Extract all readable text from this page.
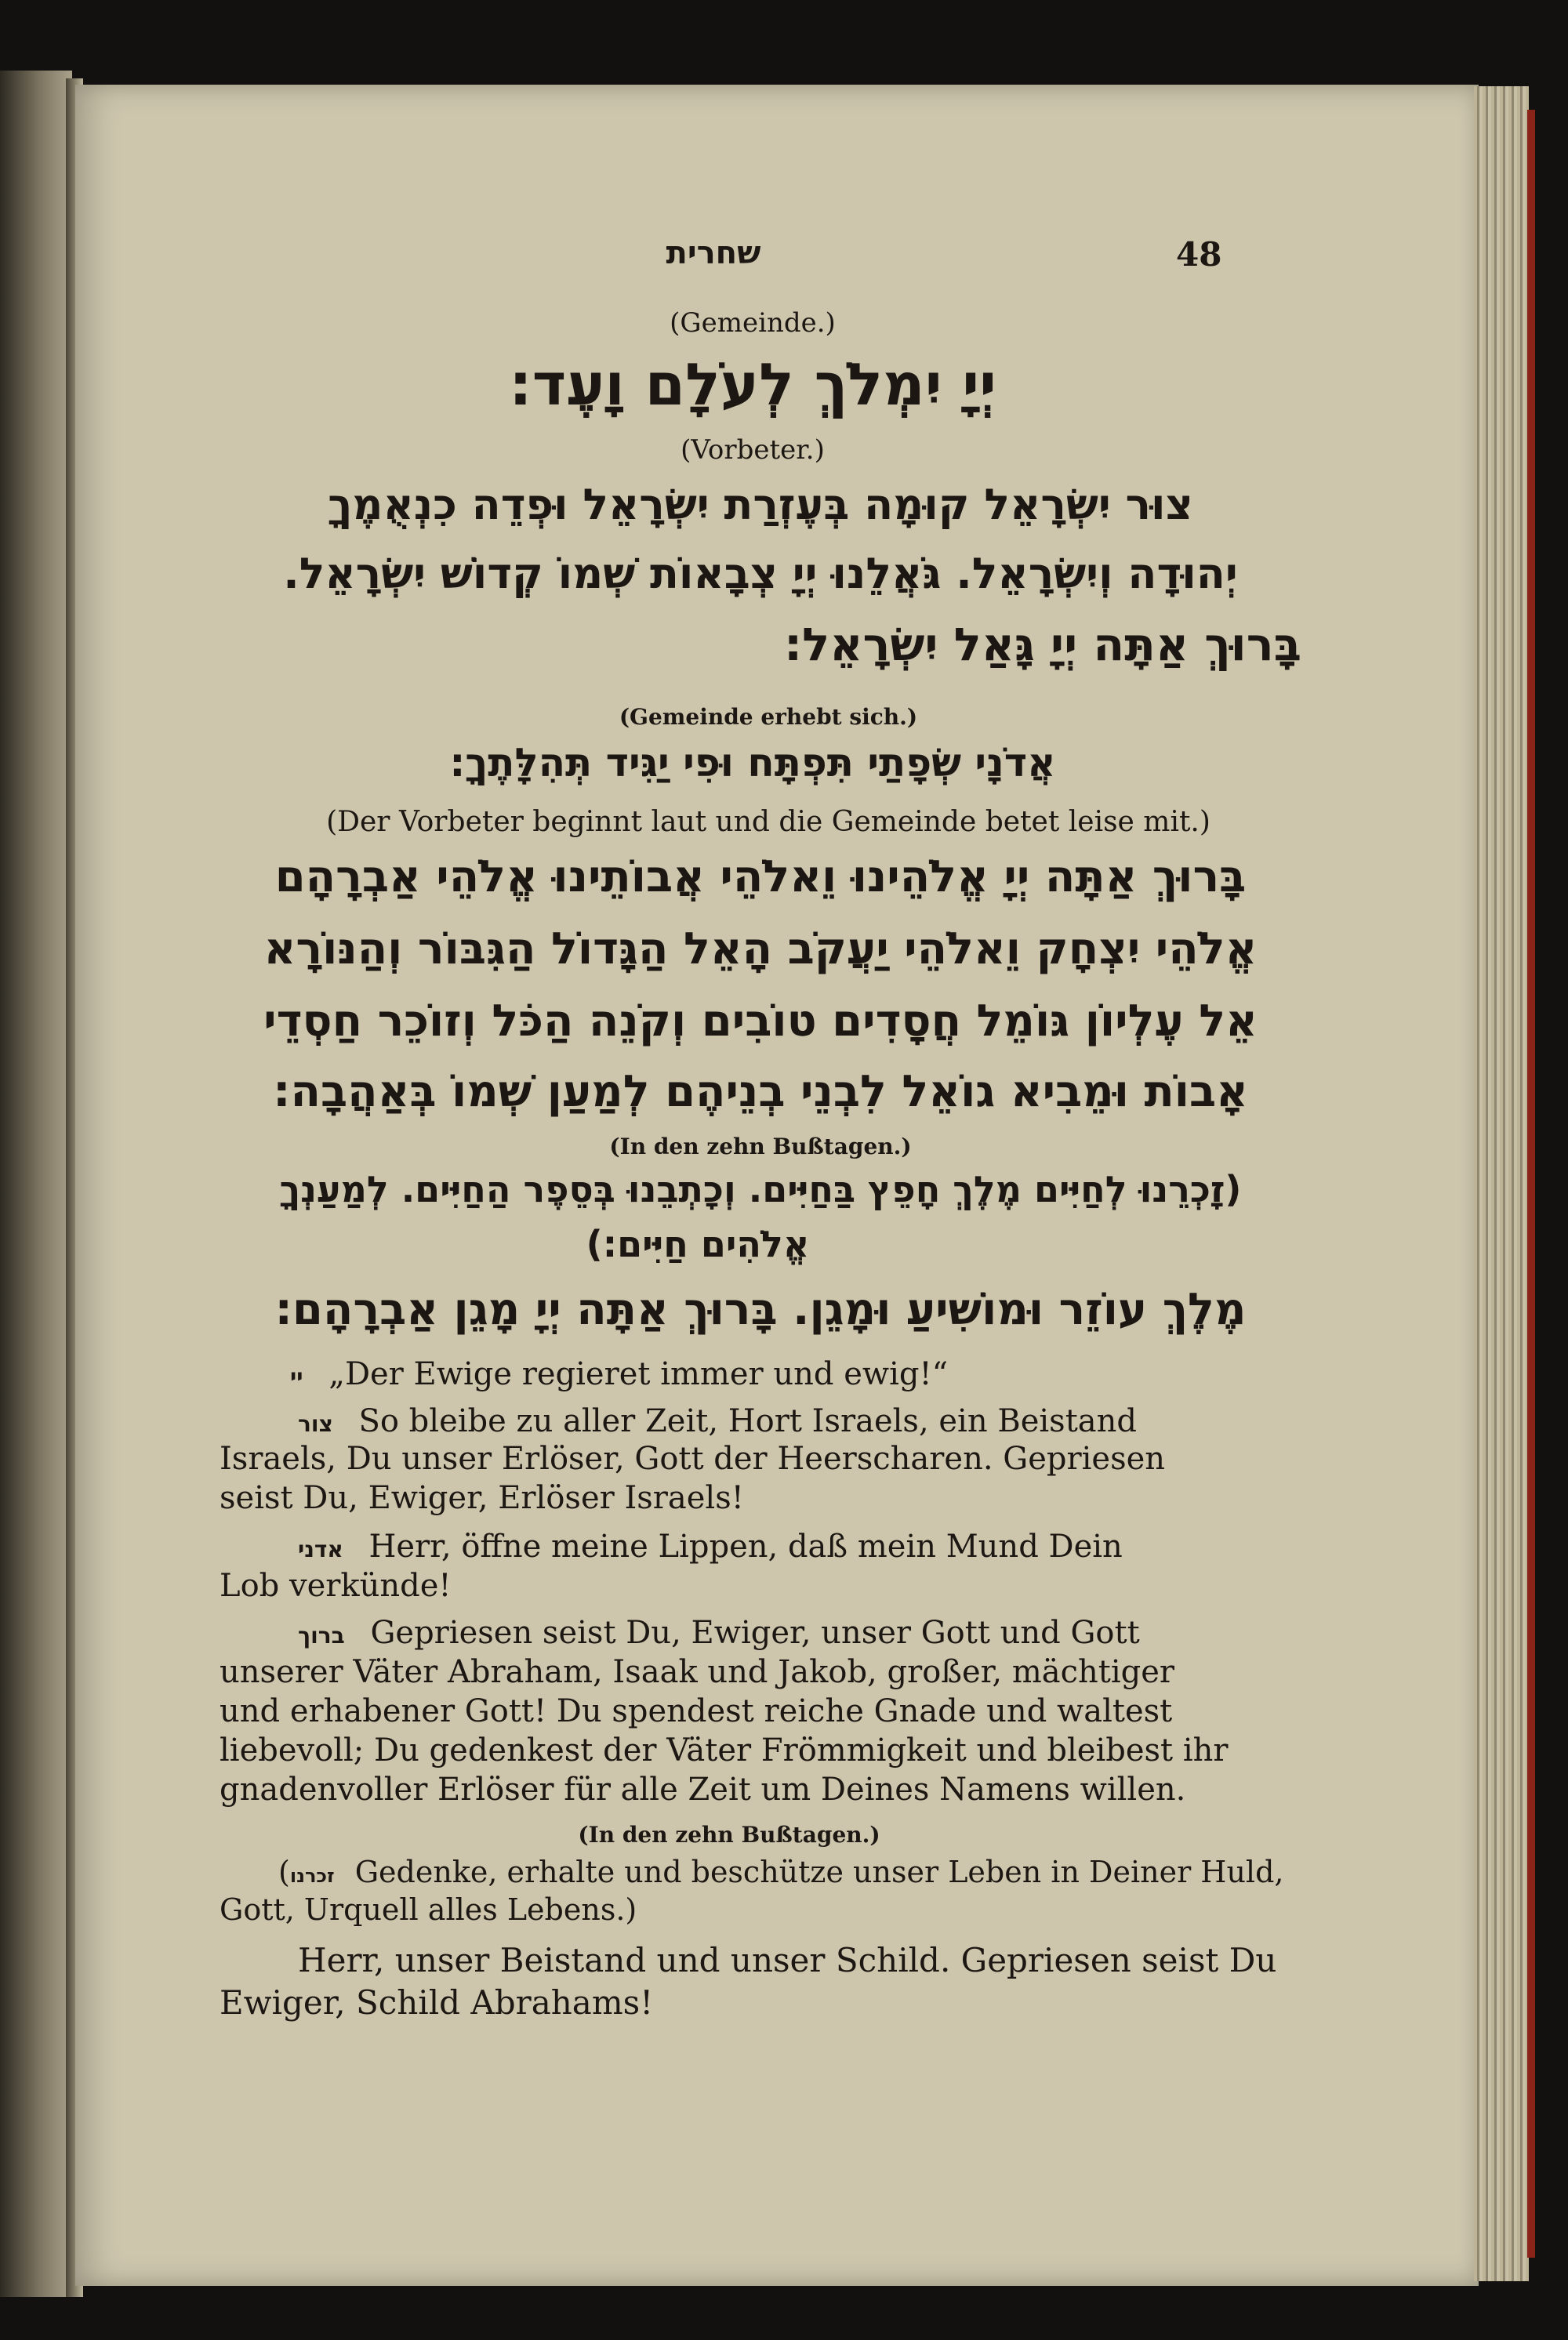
שחרית	48
(Gemeinde.)
יְיָ יִמְלֹךְ לְעֹלָם וָעֶד:
(Vorbeter.)
צוּר יִשְׂרָאֵל קוּמָה בְּעֶזְרַת יִשְׂרָאֵל וּפְדֵה כִנְאֻמֶךָ
יְהוּדָה וְיִשְׂרָאֵל. גֹּאֲלֵנוּ יְיָ צְבָאוֹת שְׁמוֹ קְדוֹשׁ יִשְׂרָאֵל.
בָּרוּךְ אַתָּה יְיָ גָּאַל יִשְׂרָאֵל:
(Gemeinde erhebt sich.)
אֲדֹנָי שְׂפָתַי תִּפְתָּח וּפִי יַגִּיד תְּהִלָּתֶךָ:
(Der Vorbeter beginnt laut und die Gemeinde betet leise mit.)
בָּרוּךְ אַתָּה יְיָ אֱלֹהֵינוּ וֵאלֹהֵי אֲבוֹתֵינוּ אֱלֹהֵי אַבְרָהָם
אֱלֹהֵי יִצְחָק וֵאלֹהֵי יַעֲקֹב הָאֵל הַגָּדוֹל הַגִּבּוֹר וְהַנּוֹרָא
אֵל עֶלְיוֹן גּוֹמֵל חֲסָדִים טוֹבִים וְקֹנֵה הַכֹּל וְזוֹכֵר חַסְדֵי
אָבוֹת וּמֵבִיא גוֹאֵל לִבְנֵי בְנֵיהֶם לְמַעַן שְׁמוֹ בְּאַהֲבָה:
(In den zehn Bußtagen.)
(זָכְרֵנוּ לְחַיִּים מֶלֶךְ חָפֵץ בַּחַיִּים. וְכָתְבֵנוּ בְּסֵפֶר הַחַיִּים. לְמַעַנְךָ
אֱלֹהִים חַיִּים:)
מֶלֶךְ עוֹזֵר וּמוֹשִׁיעַ וּמָגֵן. בָּרוּךְ אַתָּה יְיָ מָגֵן אַבְרָהָם:
יי „Der Ewige regieret immer und ewig!“
צור So bleibe zu aller Zeit, Hort Israels, ein Beistand
Israels, Du unser Erlöser, Gott der Heerscharen. Gepriesen
seist Du, Ewiger, Erlöser Israels!
אדני Herr, öffne meine Lippen, daß mein Mund Dein
Lob verkünde!
ברוך Gepriesen seist Du, Ewiger, unser Gott und Gott
unserer Väter Abraham, Isaak und Jakob, großer, mächtiger
und erhabener Gott! Du spendest reiche Gnade und waltest
liebevoll; Du gedenkest der Väter Frömmigkeit und bleibest ihr
gnadenvoller Erlöser für alle Zeit um Deines Namens willen.
(In den zehn Bußtagen.)
(זכרנו Gedenke, erhalte und beschütze unser Leben in Deiner Huld,
Gott, Urquell alles Lebens.)
Herr, unser Beistand und unser Schild. Gepriesen seist Du
Ewiger, Schild Abrahams!
